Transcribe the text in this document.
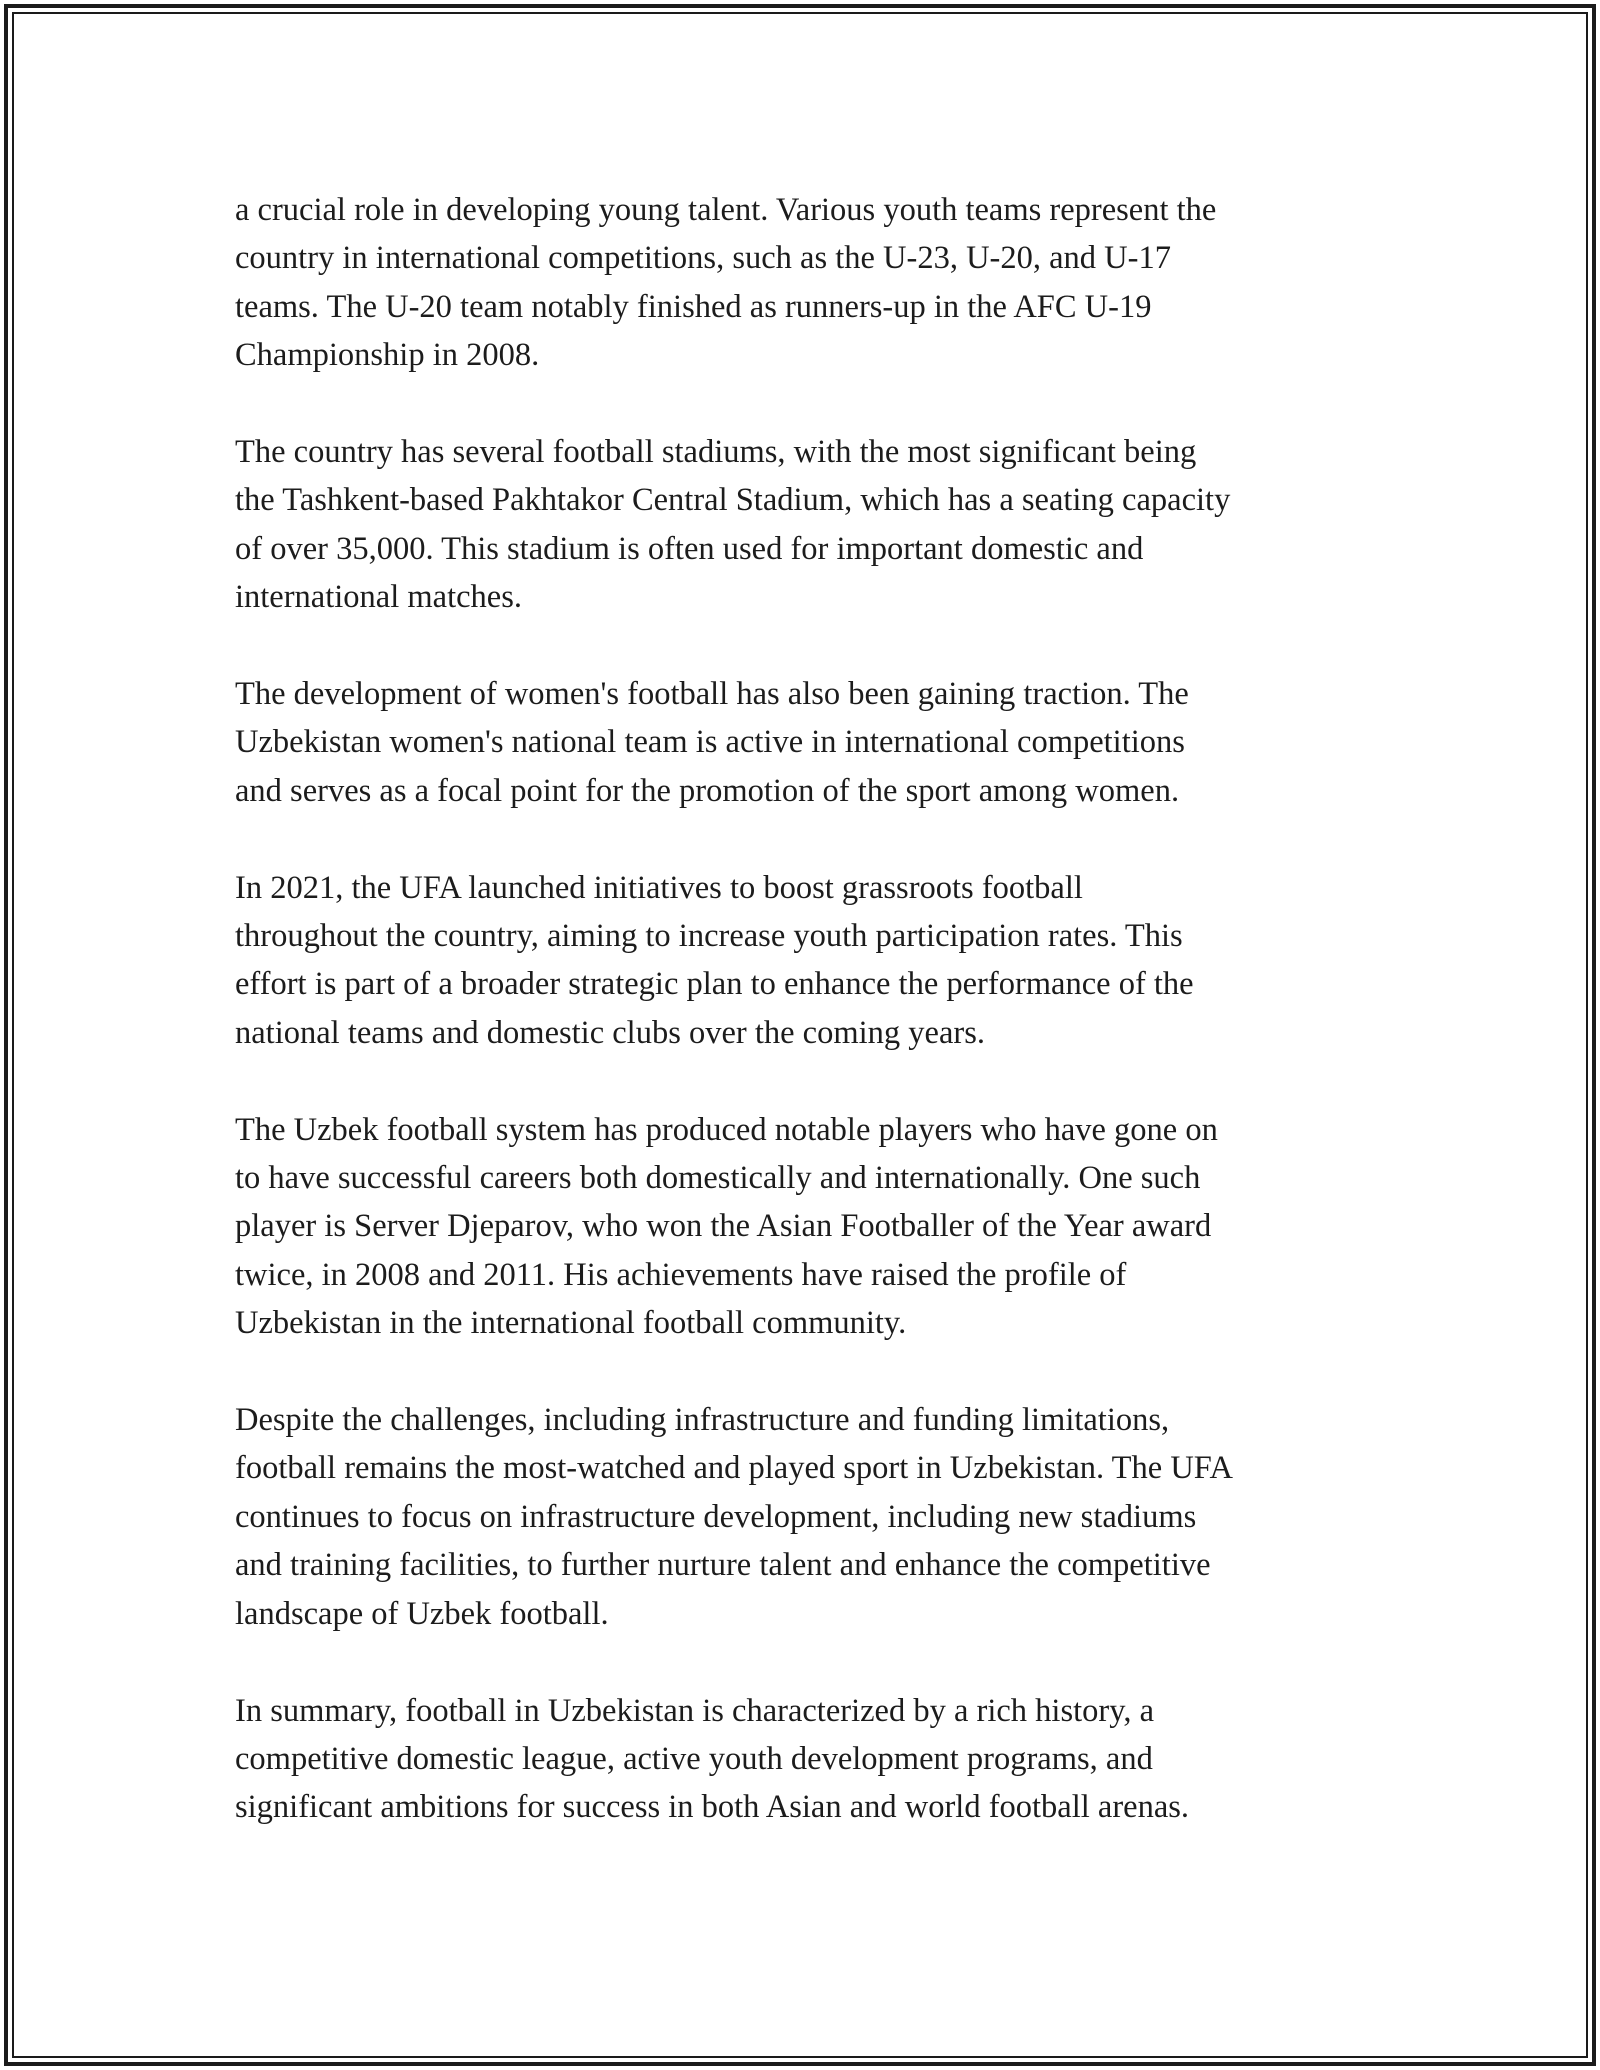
a crucial role in developing young talent. Various youth teams represent the
country in international competitions, such as the U-23, U-20, and U-17
teams. The U-20 team notably finished as runners-up in the AFC U-19
Championship in 2008.

The country has several football stadiums, with the most significant being
the Tashkent-based Pakhtakor Central Stadium, which has a seating capacity
of over 35,000. This stadium is often used for important domestic and
international matches.

The development of women's football has also been gaining traction. The
Uzbekistan women's national team is active in international competitions
and serves as a focal point for the promotion of the sport among women.

In 2021, the UFA launched initiatives to boost grassroots football
throughout the country, aiming to increase youth participation rates. This
effort is part of a broader strategic plan to enhance the performance of the
national teams and domestic clubs over the coming years.

The Uzbek football system has produced notable players who have gone on
to have successful careers both domestically and internationally. One such
player is Server Djeparov, who won the Asian Footballer of the Year award
twice, in 2008 and 2011. His achievements have raised the profile of
Uzbekistan in the international football community.

Despite the challenges, including infrastructure and funding limitations,
football remains the most-watched and played sport in Uzbekistan. The UFA
continues to focus on infrastructure development, including new stadiums
and training facilities, to further nurture talent and enhance the competitive
landscape of Uzbek football.

In summary, football in Uzbekistan is characterized by a rich history, a
competitive domestic league, active youth development programs, and
significant ambitions for success in both Asian and world football arenas.
